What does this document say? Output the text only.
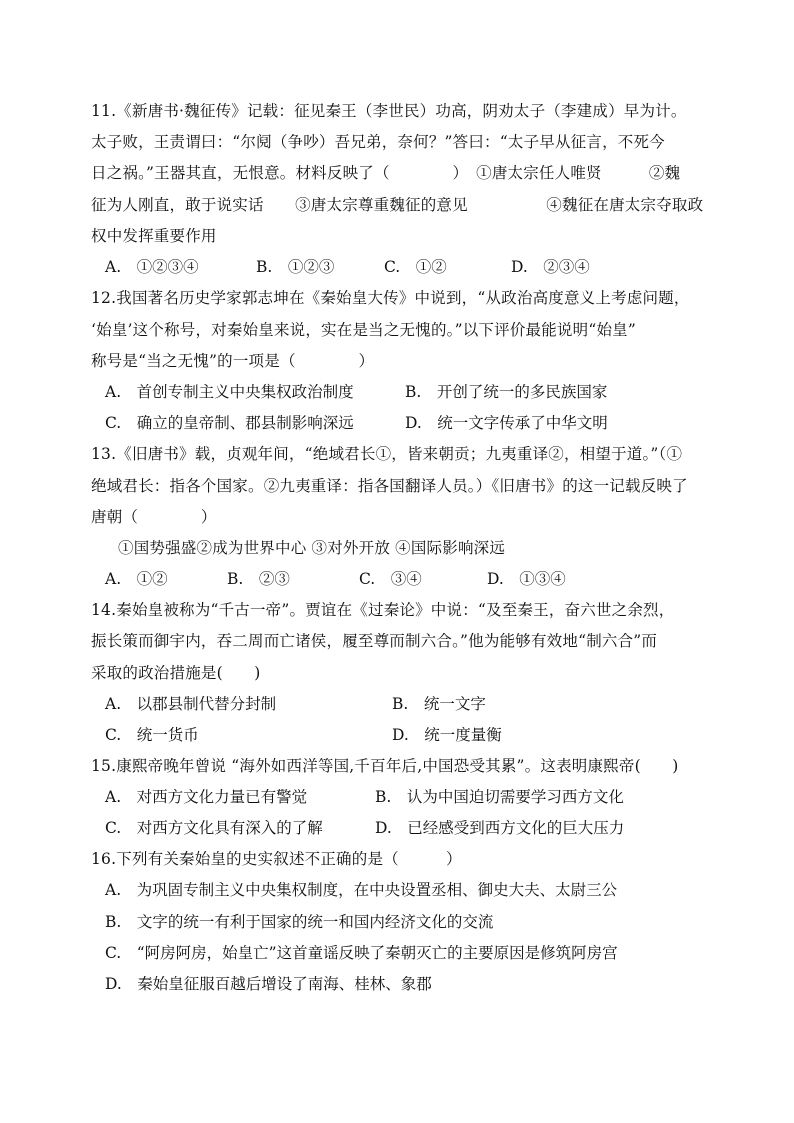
11.《新唐书·魏征传》记载：征见秦王（李世民）功高，阴劝太子（李建成）早为计。
太子败，王责谓曰：“尔阋（争吵）吾兄弟，奈何？”答曰：“太子早从征言，不死今
日之祸。”王器其直，无恨意。材料反映了（　　　　）　①唐太宗任人唯贤　　　②魏
征为人刚直，敢于说实话　　③唐太宗尊重魏征的意见　　　　　④魏征在唐太宗夺取政
权中发挥重要作用
A.　①②③④	B.　①②③	C.　①②	D.　②③④
12.我国著名历史学家郭志坤在《秦始皇大传》中说到，“从政治高度意义上考虑问题，
‘始皇’这个称号，对秦始皇来说，实在是当之无愧的。”以下评价最能说明“始皇”
称号是“当之无愧”的一项是（　　　　）
A.　首创专制主义中央集权政治制度	B.　开创了统一的多民族国家
C.　确立的皇帝制、郡县制影响深远	D.　统一文字传承了中华文明
13.《旧唐书》载，贞观年间，“绝域君长①，皆来朝贡；九夷重译②，相望于道。”（①
绝域君长：指各个国家。②九夷重译：指各国翻译人员。）《旧唐书》的这一记载反映了
唐朝（　　　　）
①国势强盛②成为世界中心 ③对外开放 ④国际影响深远
A.　①②	B.　②③	C.　③④	D.　①③④
14.秦始皇被称为“千古一帝”。贾谊在《过秦论》中说：“及至秦王，奋六世之余烈，
振长策而御宇内，吞二周而亡诸侯，履至尊而制六合。”他为能够有效地“制六合”而
采取的政治措施是(　　)
A.　以郡县制代替分封制	B.　统一文字
C.　统一货币	D.　统一度量衡
15.康熙帝晚年曾说 “海外如西洋等国,千百年后,中国恐受其累”。这表明康熙帝(　　)
A.　对西方文化力量已有警觉	B.　认为中国迫切需要学习西方文化
C.　对西方文化具有深入的了解	D.　已经感受到西方文化的巨大压力
16.下列有关秦始皇的史实叙述不正确的是（　　　）
A.　为巩固专制主义中央集权制度，在中央设置丞相、御史大夫、太尉三公
B.　文字的统一有利于国家的统一和国内经济文化的交流
C.　“阿房阿房，始皇亡”这首童谣反映了秦朝灭亡的主要原因是修筑阿房宫
D.　秦始皇征服百越后增设了南海、桂林、象郡
